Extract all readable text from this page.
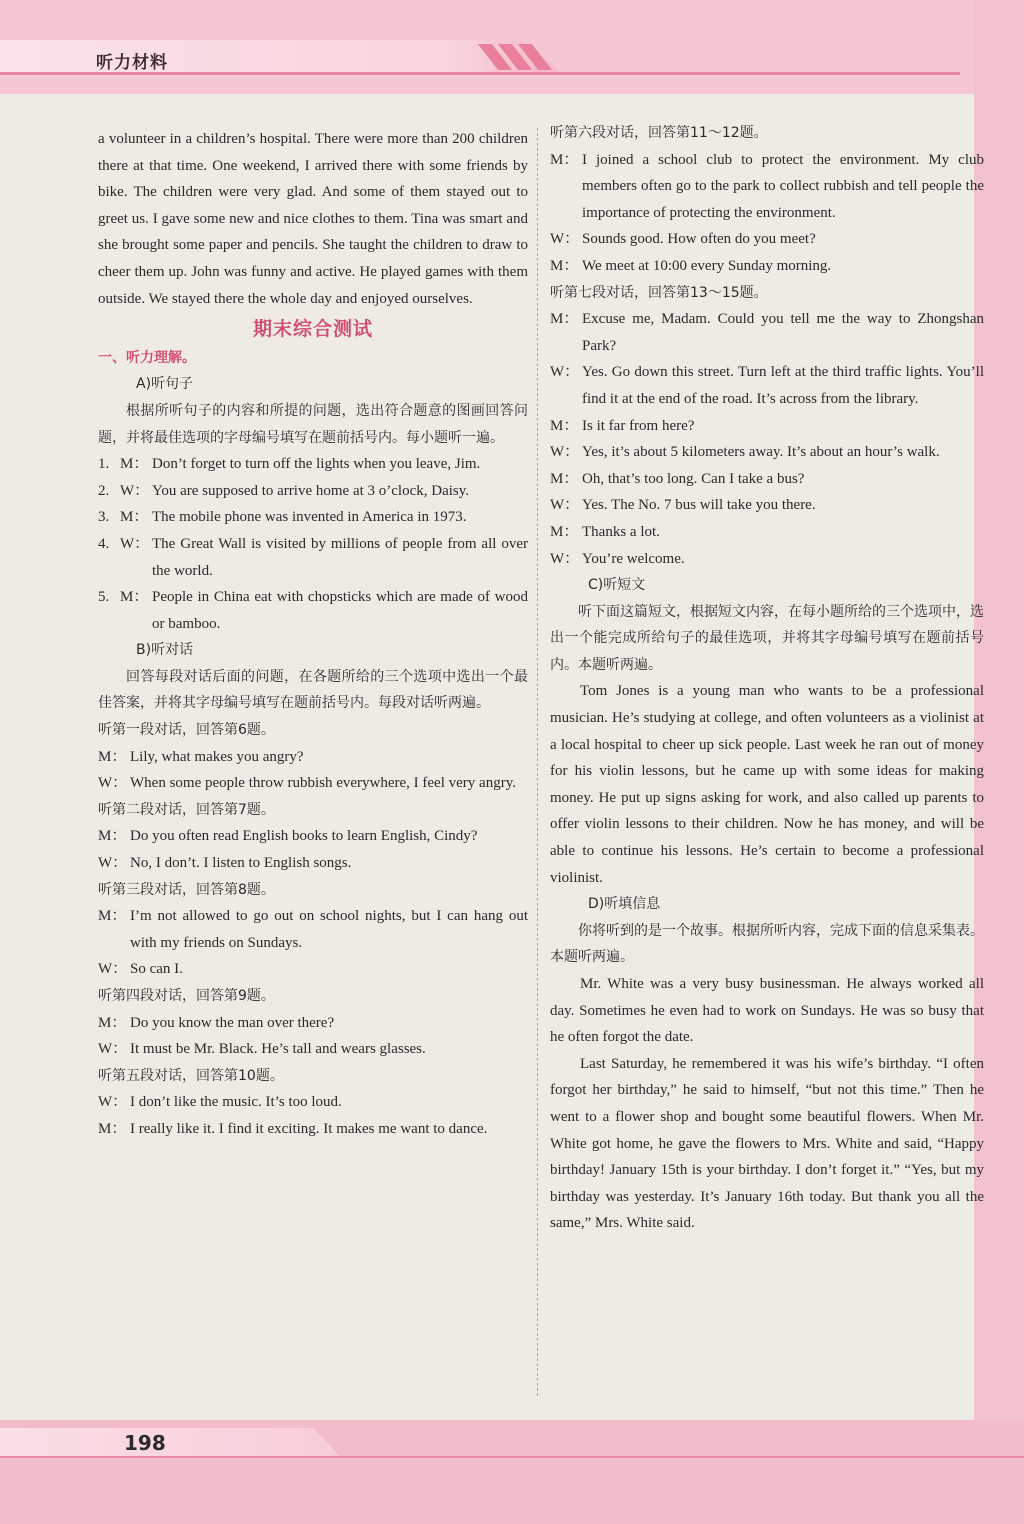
听力材料

a volunteer in a children’s hospital. There were more than 200 children there at that time. One weekend, I arrived there with some friends by bike. The children were very glad. And some of them stayed out to greet us. I gave some new and nice clothes to them. Tina was smart and she brought some paper and pencils. She taught the children to draw to cheer them up. John was funny and active. He played games with them outside. We stayed there the whole day and enjoyed ourselves.

期末综合测试
一、听力理解。
A)听句子

根据所听句子的内容和所提的问题，选出符合题意的图画回答问题，并将最佳选项的字母编号填写在题前括号内。每小题听一遍。

1. M： Don’t forget to turn off the lights when you leave, Jim.
2. W： You are supposed to arrive home at 3 o’clock, Daisy.
3. M： The mobile phone was invented in America in 1973.
4. W： The Great Wall is visited by millions of people from all over the world.
5. M： People in China eat with chopsticks which are made of wood or bamboo.
B)听对话

回答每段对话后面的问题，在各题所给的三个选项中选出一个最佳答案，并将其字母编号填写在题前括号内。每段对话听两遍。

听第一段对话，回答第6题。
M： Lily, what makes you angry?
W： When some people throw rubbish everywhere, I feel very angry.
听第二段对话，回答第7题。
M： Do you often read English books to learn English, Cindy?
W： No, I don’t. I listen to English songs.
听第三段对话，回答第8题。
M： I’m not allowed to go out on school nights, but I can hang out with my friends on Sundays.
W： So can I.
听第四段对话，回答第9题。
M： Do you know the man over there?
W： It must be Mr. Black. He’s tall and wears glasses.
听第五段对话，回答第10题。
W： I don’t like the music. It’s too loud.
M： I really like it. I find it exciting. It makes me want to dance.
听第六段对话，回答第11～12题。
M： I joined a school club to protect the environment. My club members often go to the park to collect rubbish and tell people the importance of protecting the environment.
W： Sounds good. How often do you meet?
M： We meet at 10:00 every Sunday morning.
听第七段对话，回答第13～15题。
M： Excuse me, Madam. Could you tell me the way to Zhongshan Park?
W： Yes. Go down this street. Turn left at the third traffic lights. You’ll find it at the end of the road. It’s across from the library.
M： Is it far from here?
W： Yes, it’s about 5 kilometers away. It’s about an hour’s walk.
M： Oh, that’s too long. Can I take a bus?
W： Yes. The No. 7 bus will take you there.
M： Thanks a lot.
W： You’re welcome.
C)听短文

听下面这篇短文，根据短文内容，在每小题所给的三个选项中，选出一个能完成所给句子的最佳选项，并将其字母编号填写在题前括号内。本题听两遍。

Tom Jones is a young man who wants to be a professional musician. He’s studying at college, and often volunteers as a violinist at a local hospital to cheer up sick people. Last week he ran out of money for his violin lessons, but he came up with some ideas for making money. He put up signs asking for work, and also called up parents to offer violin lessons to their children. Now he has money, and will be able to continue his lessons. He’s certain to become a professional violinist.

D)听填信息

你将听到的是一个故事。根据所听内容，完成下面的信息采集表。本题听两遍。

Mr. White was a very busy businessman. He always worked all day. Sometimes he even had to work on Sundays. He was so busy that he often forgot the date.

Last Saturday, he remembered it was his wife’s birthday. “I often forgot her birthday,” he said to himself, “but not this time.” Then he went to a flower shop and bought some beautiful flowers. When Mr. White got home, he gave the flowers to Mrs. White and said, “Happy birthday! January 15th is your birthday. I don’t forget it.” “Yes, but my birthday was yesterday. It’s January 16th today. But thank you all the same,” Mrs. White said.

198
